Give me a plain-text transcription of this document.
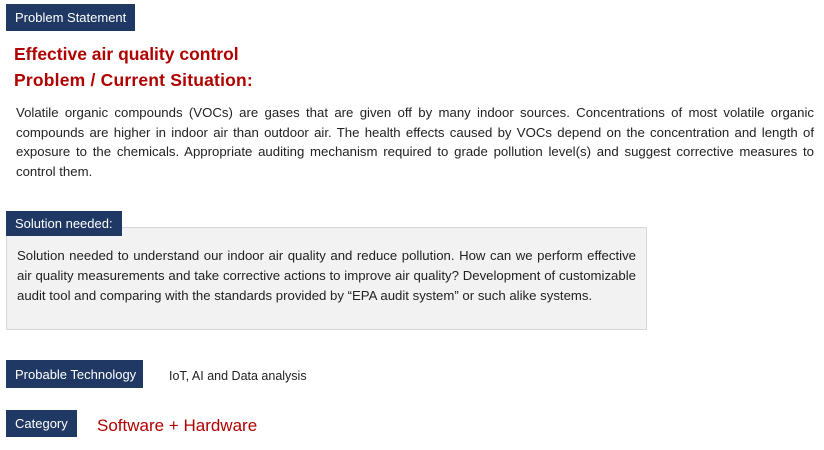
Problem Statement
Effective air quality control
Problem / Current Situation:

Volatile organic compounds (VOCs) are gases that are given off by many indoor sources. Concentrations of most volatile organic compounds are higher in indoor air than outdoor air. The health effects caused by VOCs depend on the concentration and length of exposure to the chemicals. Appropriate auditing mechanism required to grade pollution level(s) and suggest corrective measures to control them.

Solution needed to understand our indoor air quality and reduce pollution. How can we perform effective air quality measurements and take corrective actions to improve air quality? Development of customizable audit tool and comparing with the standards provided by “EPA audit system” or such alike systems.

Solution needed:
Probable Technology	IoT, AI and Data analysis
Category	Software + Hardware
